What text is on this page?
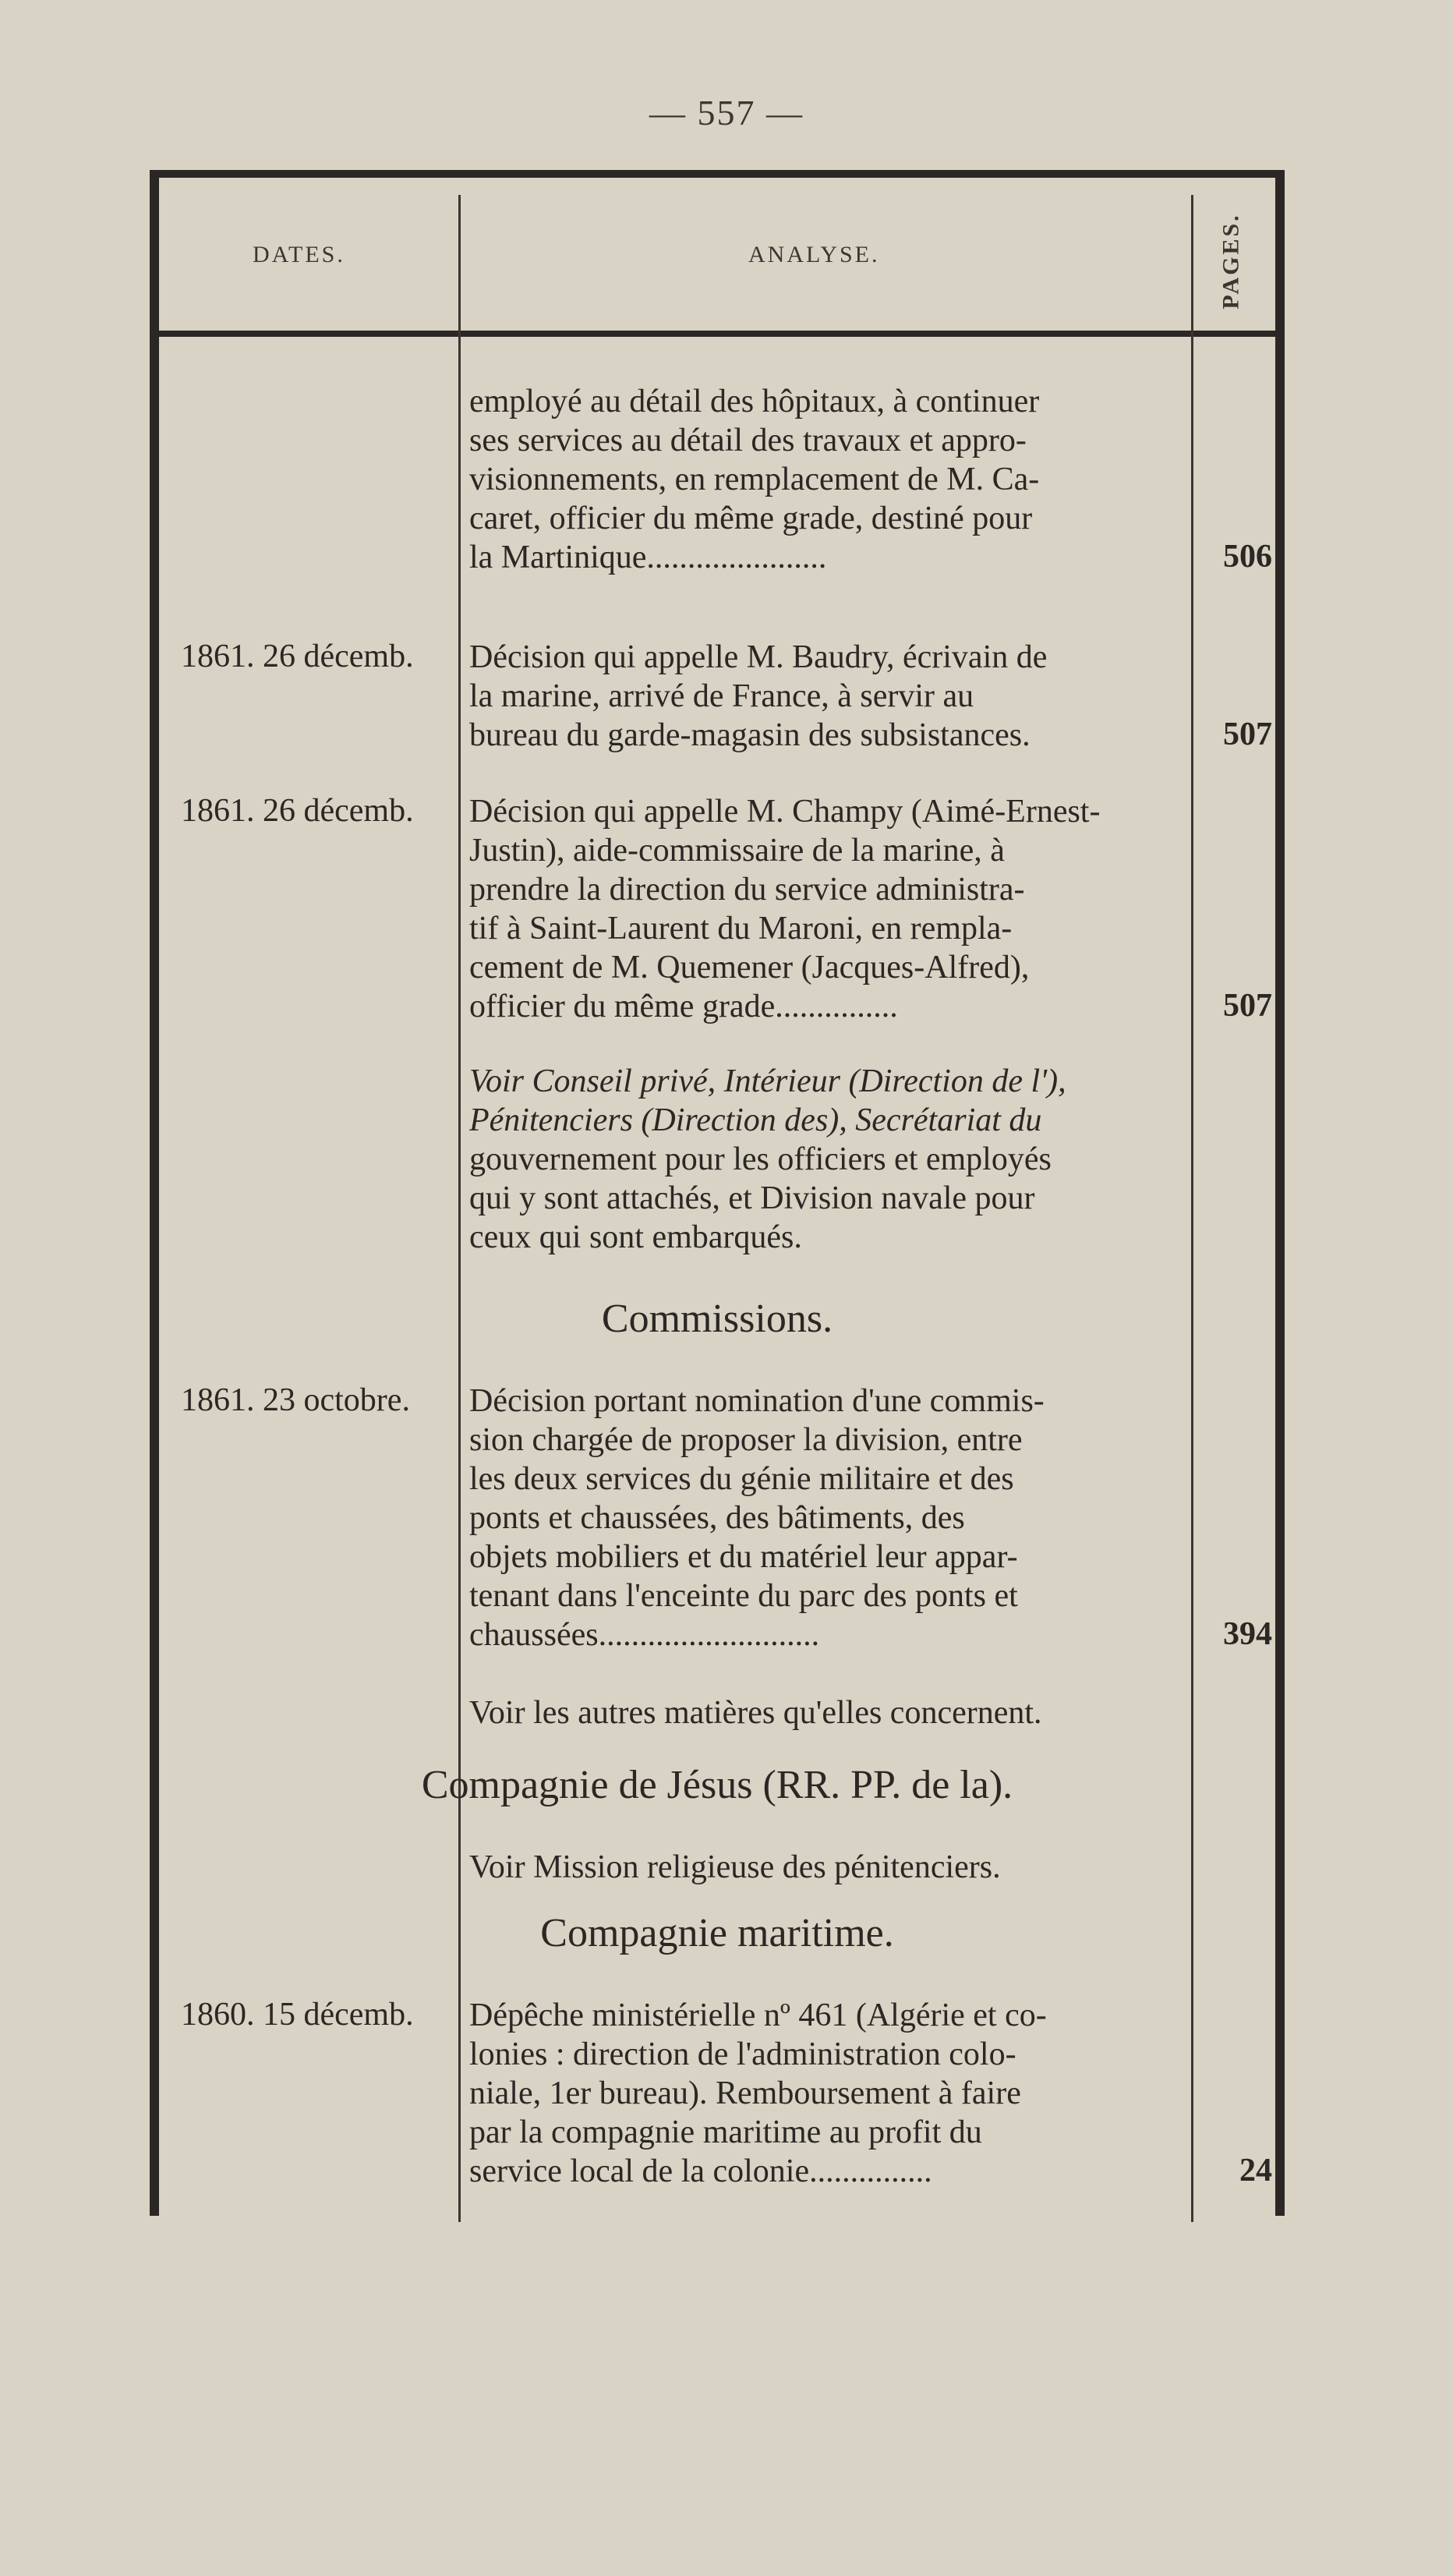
— 557 —
DATES.	ANALYSE.	PAGES.
employé au détail des hôpitaux, à continuer
ses services au détail des travaux et appro-
visionnements, en remplacement de M. Ca-
caret, officier du même grade, destiné pour
la Martinique......................	506
1861. 26 décemb.	Décision qui appelle M. Baudry, écrivain de
la marine, arrivé de France, à servir au
bureau du garde-magasin des subsistances.	507
1861. 26 décemb.	Décision qui appelle M. Champy (Aimé-Ernest-
Justin), aide-commissaire de la marine, à
prendre la direction du service administra-
tif à Saint-Laurent du Maroni, en rempla-
cement de M. Quemener (Jacques-Alfred),
officier du même grade...............	507
Voir Conseil privé, Intérieur (Direction de l'),
Pénitenciers (Direction des), Secrétariat du
gouvernement pour les officiers et employés
qui y sont attachés, et Division navale pour
ceux qui sont embarqués.
Commissions.
1861. 23 octobre.	Décision portant nomination d'une commis-
sion chargée de proposer la division, entre
les deux services du génie militaire et des
ponts et chaussées, des bâtiments, des
objets mobiliers et du matériel leur appar-
tenant dans l'enceinte du parc des ponts et
chaussées...........................	394
Voir les autres matières qu'elles concernent.
Compagnie de Jésus (RR. PP. de la).
Voir Mission religieuse des pénitenciers.
Compagnie maritime.
1860. 15 décemb.	Dépêche ministérielle nº 461 (Algérie et co-
lonies : direction de l'administration colo-
niale, 1er bureau). Remboursement à faire
par la compagnie maritime au profit du
service local de la colonie...............	24
